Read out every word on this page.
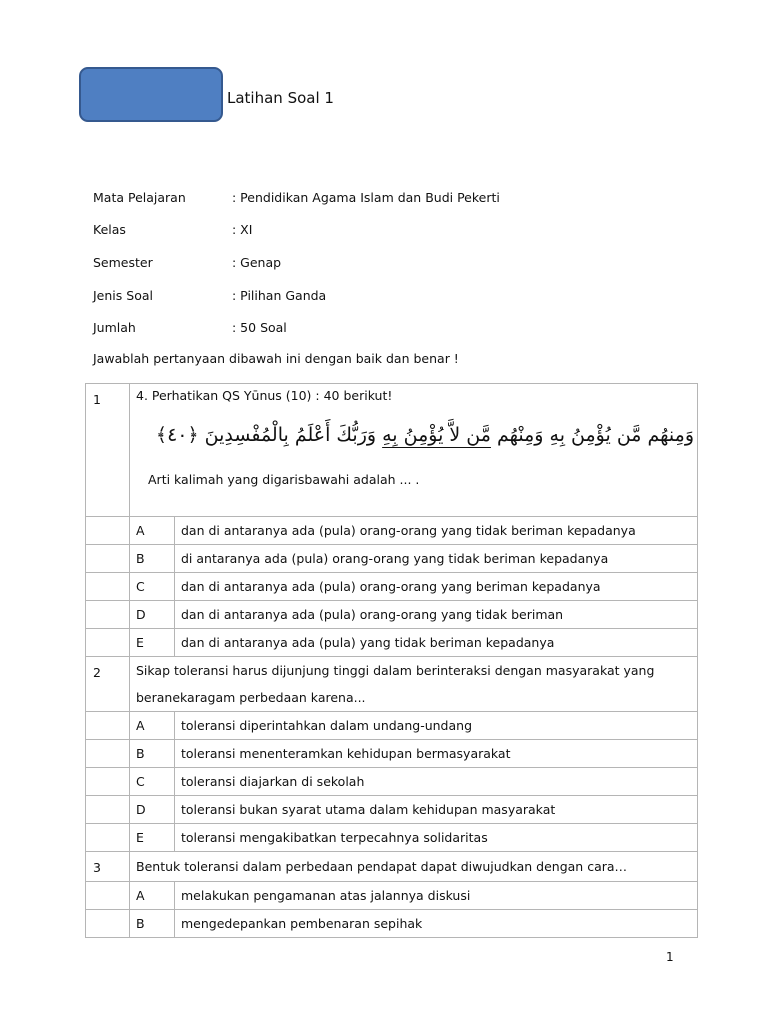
Latihan Soal 1
Mata Pelajaran	: Pendidikan Agama Islam dan Budi Pekerti
Kelas	: XI
Semester	: Genap
Jenis Soal	: Pilihan Ganda
Jumlah	: 50 Soal
Jawablah pertanyaan dibawah ini dengan baik dan benar !
1	4. Perhatikan QS Yūnus (10) : 40 berikut!
وَمِنهُم مَّن يُؤْمِنُ بِهِ وَمِنْهُم مَّن لاَّ يُؤْمِنُ بِهِ وَرَبُّكَ أَعْلَمُ بِالْمُفْسِدِينَ ﴿٤٠﴾
Arti kalimah yang digarisbawahi adalah ... .	

	A	dan di antaranya ada (pula) orang-orang yang tidak beriman kepadanya
	B	di antaranya ada (pula) orang-orang yang tidak beriman kepadanya
	C	dan di antaranya ada (pula) orang-orang yang beriman kepadanya
	D	dan di antaranya ada (pula) orang-orang yang tidak beriman
	E	dan di antaranya ada (pula) yang tidak beriman kepadanya
2	Sikap toleransi harus dijunjung tinggi dalam berinteraksi dengan masyarakat yang beranekaragam perbedaan karena...	
	A	toleransi diperintahkan dalam undang-undang
	B	toleransi menenteramkan kehidupan bermasyarakat
	C	toleransi diajarkan di sekolah
	D	toleransi bukan syarat utama dalam kehidupan masyarakat
	E	toleransi mengakibatkan terpecahnya solidaritas
3	Bentuk toleransi dalam perbedaan pendapat dapat diwujudkan dengan cara…	
	A	melakukan pengamanan atas jalannya diskusi
	B	mengedepankan pembenaran sepihak
1
